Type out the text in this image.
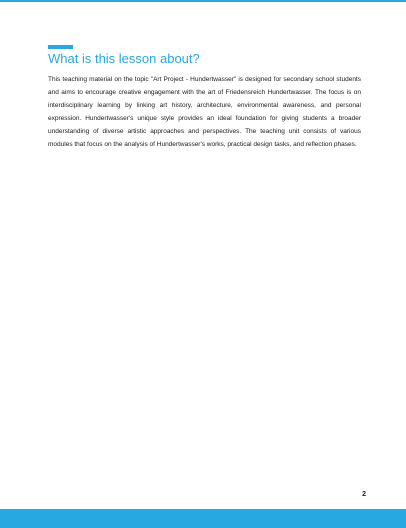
What is this lesson about?

This teaching material on the topic "Art Project - Hundertwasser" is designed for secondary school students and aims to encourage creative engagement with the art of Friedensreich Hundertwasser. The focus is on interdisciplinary learning by linking art history, architecture, environmental awareness, and personal expression. Hundertwasser's unique style provides an ideal foundation for giving students a broader understanding of diverse artistic approaches and perspectives. The teaching unit consists of various modules that focus on the analysis of Hundertwasser's works, practical design tasks, and reflection phases.

2
